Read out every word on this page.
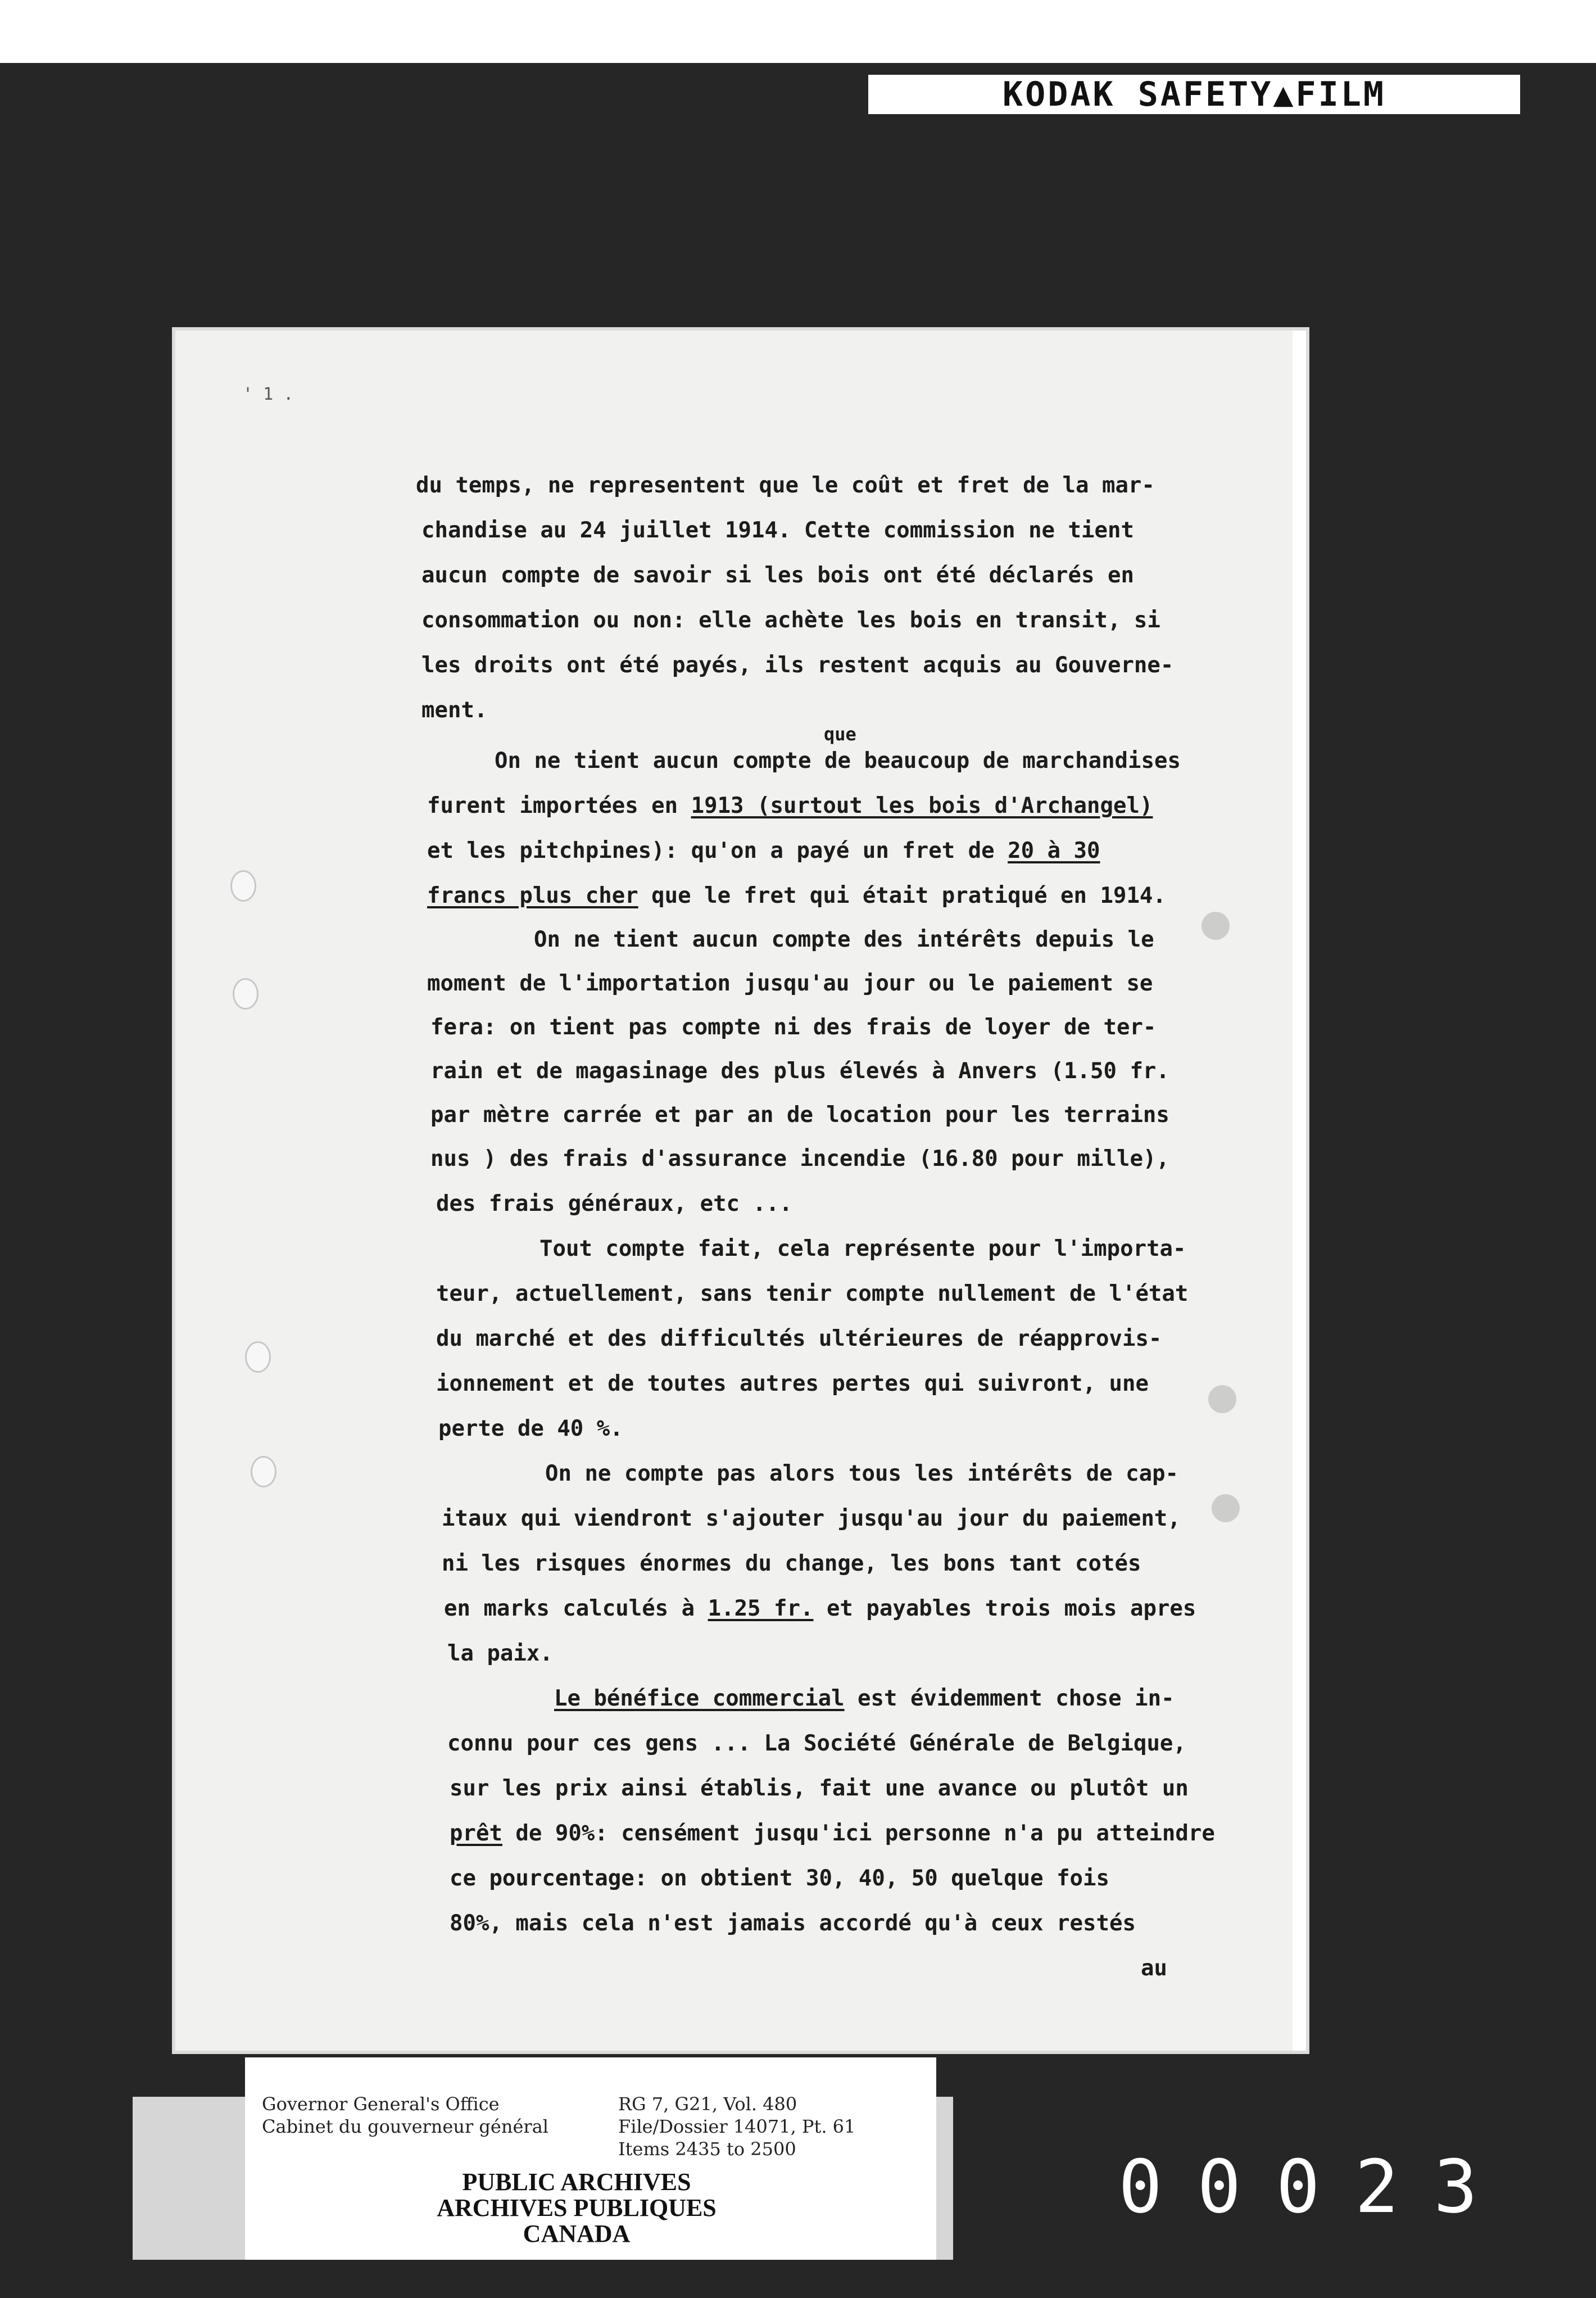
KODAK SAFETY▲FILM
' 1 .
du temps, ne representent que le coût et fret de la mar-
chandise au 24 juillet 1914. Cette commission ne tient
aucun compte de savoir si les bois ont été déclarés en
consommation ou non: elle achète les bois en transit, si
les droits ont été payés, ils restent acquis au Gouverne-
ment.
que
On ne tient aucun compte de beaucoup de marchandises
furent importées en 1913 (surtout les bois d'Archangel)
et les pitchpines): qu'on a payé un fret de 20 à 30
francs plus cher que le fret qui était pratiqué en 1914.
On ne tient aucun compte des intérêts depuis le
moment de l'importation jusqu'au jour ou le paiement se
fera: on tient pas compte ni des frais de loyer de ter-
rain et de magasinage des plus élevés à Anvers (1.50 fr.
par mètre carrée et par an de location pour les terrains
nus ) des frais d'assurance incendie (16.80 pour mille),
des frais généraux, etc ...
Tout compte fait, cela représente pour l'importa-
teur, actuellement, sans tenir compte nullement de l'état
du marché et des difficultés ultérieures de réapprovis-
ionnement et de toutes autres pertes qui suivront, une
perte de 40 %.
On ne compte pas alors tous les intérêts de cap-
itaux qui viendront s'ajouter jusqu'au jour du paiement,
ni les risques énormes du change, les bons tant cotés
en marks calculés à 1.25 fr. et payables trois mois apres
la paix.
Le bénéfice commercial est évidemment chose in-
connu pour ces gens ... La Société Générale de Belgique,
sur les prix ainsi établis, fait une avance ou plutôt un
prêt de 90%: censément jusqu'ici personne n'a pu atteindre
ce pourcentage: on obtient 30, 40, 50 quelque fois
80%, mais cela n'est jamais accordé qu'à ceux restés
au
Governor General's Office
Cabinet du gouverneur général
RG 7, G21, Vol. 480
File/Dossier 14071, Pt. 61
Items 2435 to 2500
PUBLIC ARCHIVES
ARCHIVES PUBLIQUES
CANADA
00023
